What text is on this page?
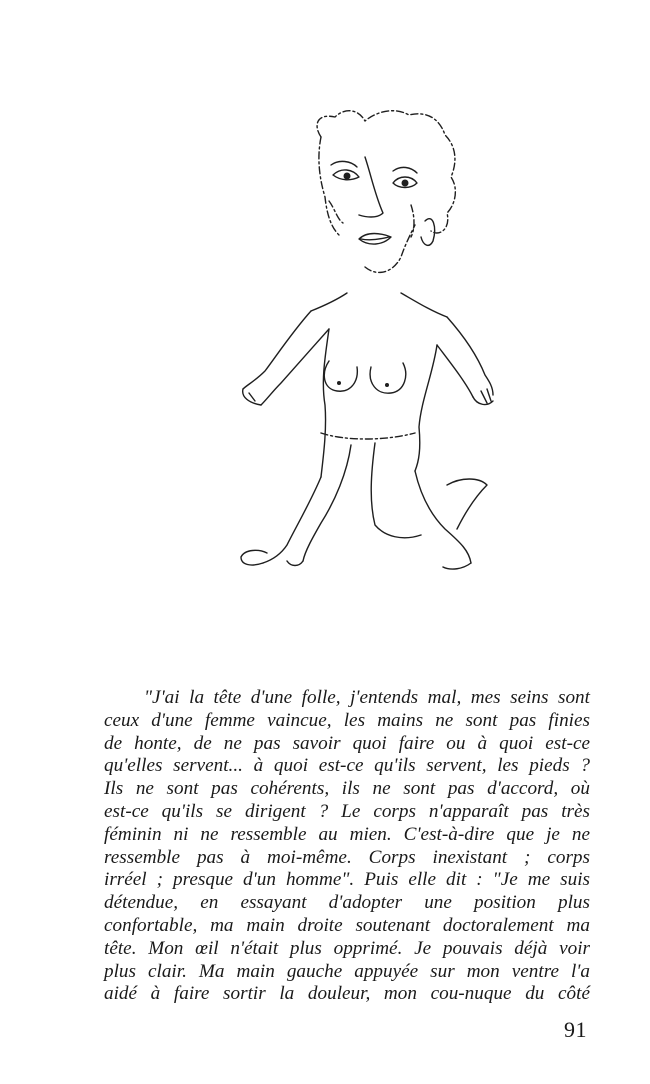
"J'ai la tête d'une folle, j'entends mal, mes seins sont
ceux d'une femme vaincue, les mains ne sont pas finies
de honte, de ne pas savoir quoi faire ou à quoi est-ce
qu'elles servent... à quoi est-ce qu'ils servent, les pieds ?
Ils ne sont pas cohérents, ils ne sont pas d'accord, où
est-ce qu'ils se dirigent ? Le corps n'apparaît pas très
féminin ni ne ressemble au mien. C'est-à-dire que je ne
ressemble pas à moi-même. Corps inexistant ; corps
irréel ; presque d'un homme". Puis elle dit : "Je me suis
détendue, en essayant d'adopter une position plus
confortable, ma main droite soutenant doctoralement ma
tête. Mon œil n'était plus opprimé. Je pouvais déjà voir
plus clair. Ma main gauche appuyée sur mon ventre l'a
aidé à faire sortir la douleur, mon cou-nuque du côté
91
